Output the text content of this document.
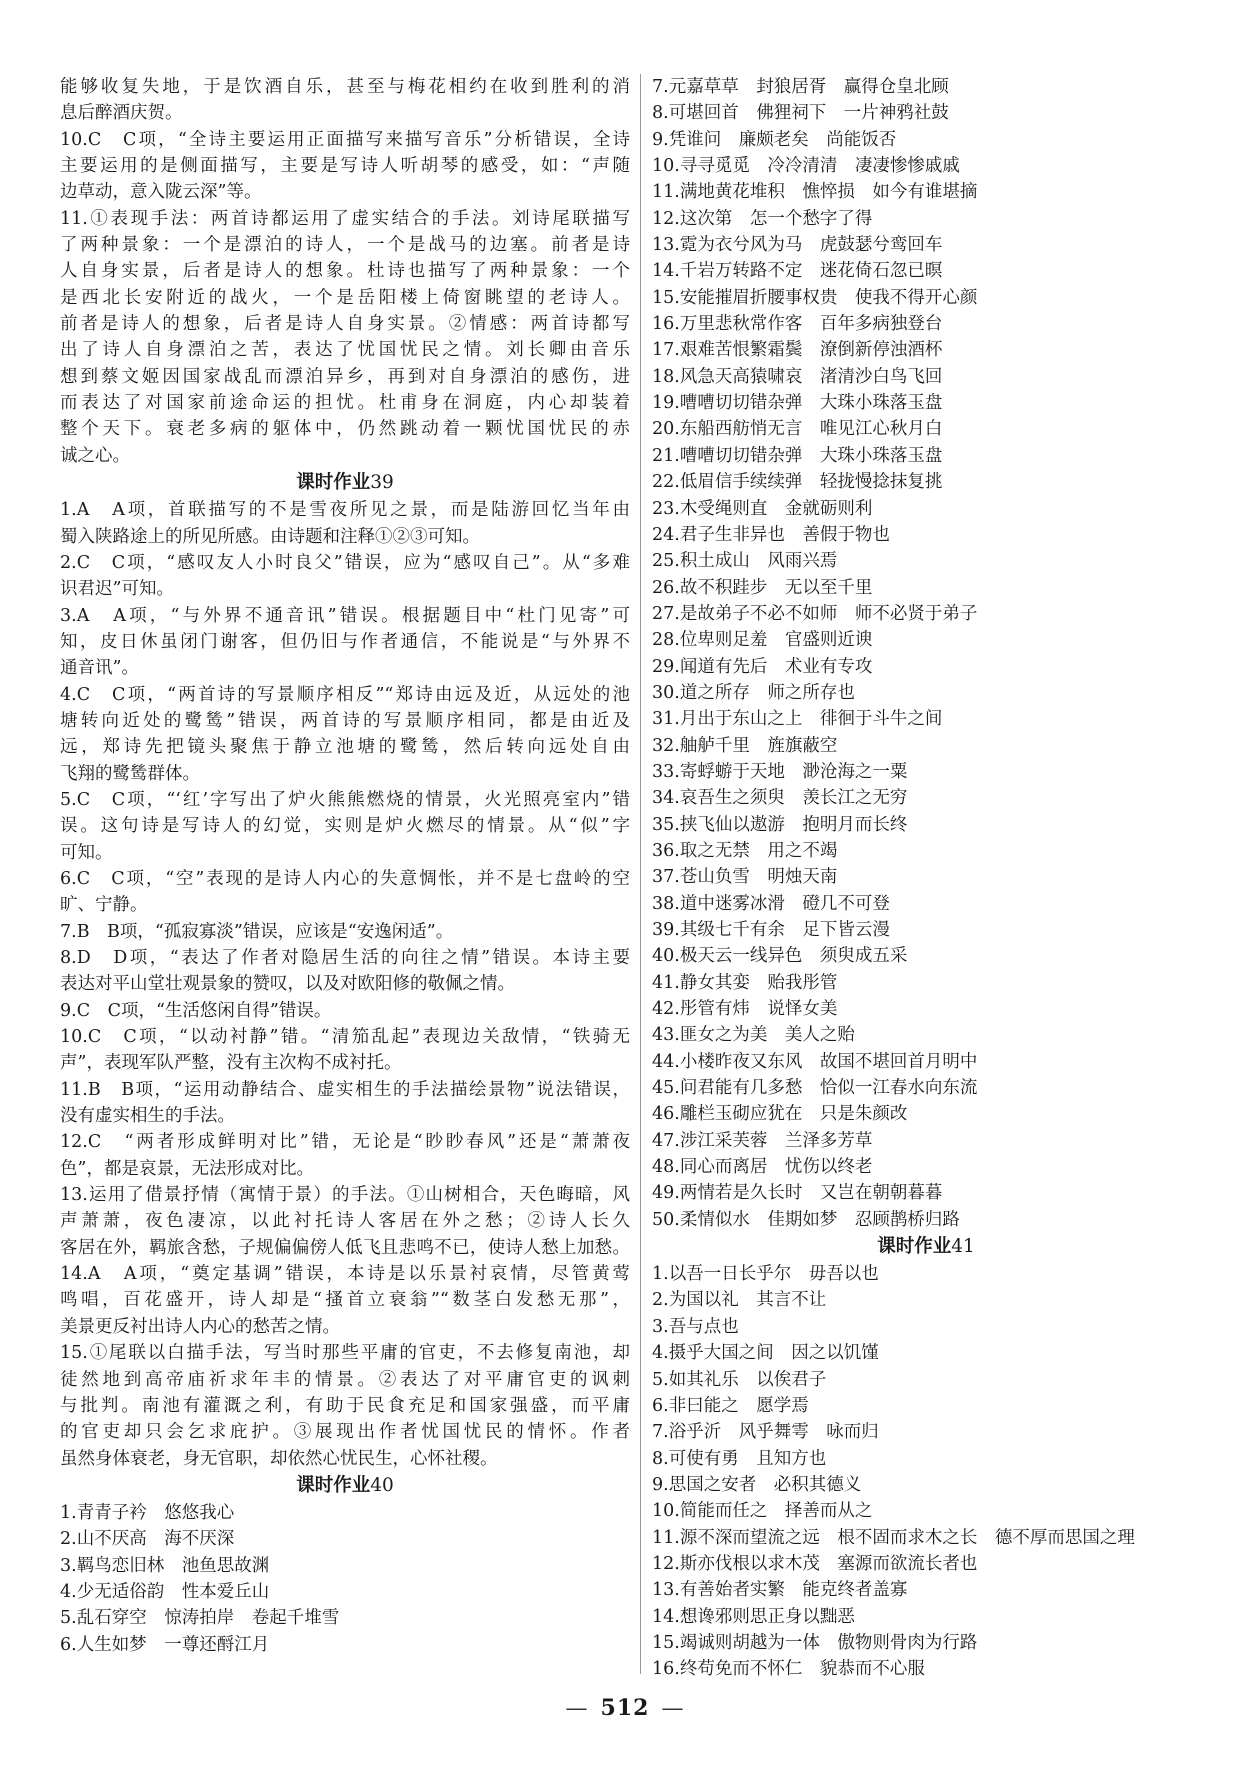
能够收复失地，于是饮酒自乐，甚至与梅花相约在收到胜利的消
息后醉酒庆贺。
10.C　C项，“全诗主要运用正面描写来描写音乐”分析错误，全诗
主要运用的是侧面描写，主要是写诗人听胡琴的感受，如：“声随
边草动，意入陇云深”等。
11.①表现手法：两首诗都运用了虚实结合的手法。刘诗尾联描写
了两种景象：一个是漂泊的诗人，一个是战马的边塞。前者是诗
人自身实景，后者是诗人的想象。杜诗也描写了两种景象：一个
是西北长安附近的战火，一个是岳阳楼上倚窗眺望的老诗人。
前者是诗人的想象，后者是诗人自身实景。②情感：两首诗都写
出了诗人自身漂泊之苦，表达了忧国忧民之情。刘长卿由音乐
想到蔡文姬因国家战乱而漂泊异乡，再到对自身漂泊的感伤，进
而表达了对国家前途命运的担忧。杜甫身在洞庭，内心却装着
整个天下。衰老多病的躯体中，仍然跳动着一颗忧国忧民的赤
诚之心。
课时作业39
1.A　A项，首联描写的不是雪夜所见之景，而是陆游回忆当年由
蜀入陕路途上的所见所感。由诗题和注释①②③可知。
2.C　C项，“感叹友人小时良父”错误，应为“感叹自己”。从“多难
识君迟”可知。
3.A　A项，“与外界不通音讯”错误。根据题目中“杜门见寄”可
知，皮日休虽闭门谢客，但仍旧与作者通信，不能说是“与外界不
通音讯”。
4.C　C项，“两首诗的写景顺序相反”“郑诗由远及近，从远处的池
塘转向近处的鹭鸶”错误，两首诗的写景顺序相同，都是由近及
远，郑诗先把镜头聚焦于静立池塘的鹭鸶，然后转向远处自由
飞翔的鹭鸶群体。
5.C　C项，“‘红’字写出了炉火熊熊燃烧的情景，火光照亮室内”错
误。这句诗是写诗人的幻觉，实则是炉火燃尽的情景。从“似”字
可知。
6.C　C项，“空”表现的是诗人内心的失意惆怅，并不是七盘岭的空
旷、宁静。
7.B　B项，“孤寂寡淡”错误，应该是“安逸闲适”。
8.D　D项，“表达了作者对隐居生活的向往之情”错误。本诗主要
表达对平山堂壮观景象的赞叹，以及对欧阳修的敬佩之情。
9.C　C项，“生活悠闲自得”错误。
10.C　C项，“以动衬静”错。“清笳乱起”表现边关敌情，“铁骑无
声”，表现军队严整，没有主次构不成衬托。
11.B　B项，“运用动静结合、虚实相生的手法描绘景物”说法错误，
没有虚实相生的手法。
12.C　“两者形成鲜明对比”错，无论是“眇眇春风”还是“萧萧夜
色”，都是哀景，无法形成对比。
13.运用了借景抒情（寓情于景）的手法。①山树相合，天色晦暗，风
声萧萧，夜色凄凉，以此衬托诗人客居在外之愁；②诗人长久
客居在外，羁旅含愁，子规偏偏傍人低飞且悲鸣不已，使诗人愁上加愁。
14.A　A项，“奠定基调”错误，本诗是以乐景衬哀情，尽管黄莺
鸣唱，百花盛开，诗人却是“搔首立衰翁”“数茎白发愁无那”，
美景更反衬出诗人内心的愁苦之情。
15.①尾联以白描手法，写当时那些平庸的官吏，不去修复南池，却
徒然地到高帝庙祈求年丰的情景。②表达了对平庸官吏的讽刺
与批判。南池有灌溉之利，有助于民食充足和国家强盛，而平庸
的官吏却只会乞求庇护。③展现出作者忧国忧民的情怀。作者
虽然身体衰老，身无官职，却依然心忧民生，心怀社稷。
课时作业40
1.青青子衿　悠悠我心
2.山不厌高　海不厌深
3.羁鸟恋旧林　池鱼思故渊
4.少无适俗韵　性本爱丘山
5.乱石穿空　惊涛拍岸　卷起千堆雪
6.人生如梦　一尊还酹江月
7.元嘉草草　封狼居胥　赢得仓皇北顾
8.可堪回首　佛狸祠下　一片神鸦社鼓
9.凭谁问　廉颇老矣　尚能饭否
10.寻寻觅觅　冷冷清清　凄凄惨惨戚戚
11.满地黄花堆积　憔悴损　如今有谁堪摘
12.这次第　怎一个愁字了得
13.霓为衣兮风为马　虎鼓瑟兮鸾回车
14.千岩万转路不定　迷花倚石忽已暝
15.安能摧眉折腰事权贵　使我不得开心颜
16.万里悲秋常作客　百年多病独登台
17.艰难苦恨繁霜鬓　潦倒新停浊酒杯
18.风急天高猿啸哀　渚清沙白鸟飞回
19.嘈嘈切切错杂弹　大珠小珠落玉盘
20.东船西舫悄无言　唯见江心秋月白
21.嘈嘈切切错杂弹　大珠小珠落玉盘
22.低眉信手续续弹　轻拢慢捻抹复挑
23.木受绳则直　金就砺则利
24.君子生非异也　善假于物也
25.积土成山　风雨兴焉
26.故不积跬步　无以至千里
27.是故弟子不必不如师　师不必贤于弟子
28.位卑则足羞　官盛则近谀
29.闻道有先后　术业有专攻
30.道之所存　师之所存也
31.月出于东山之上　徘徊于斗牛之间
32.舳舻千里　旌旗蔽空
33.寄蜉蝣于天地　渺沧海之一粟
34.哀吾生之须臾　羡长江之无穷
35.挟飞仙以遨游　抱明月而长终
36.取之无禁　用之不竭
37.苍山负雪　明烛天南
38.道中迷雾冰滑　磴几不可登
39.其级七千有余　足下皆云漫
40.极天云一线异色　须臾成五采
41.静女其娈　贻我彤管
42.彤管有炜　说怿女美
43.匪女之为美　美人之贻
44.小楼昨夜又东风　故国不堪回首月明中
45.问君能有几多愁　恰似一江春水向东流
46.雕栏玉砌应犹在　只是朱颜改
47.涉江采芙蓉　兰泽多芳草
48.同心而离居　忧伤以终老
49.两情若是久长时　又岂在朝朝暮暮
50.柔情似水　佳期如梦　忍顾鹊桥归路
课时作业41
1.以吾一日长乎尔　毋吾以也
2.为国以礼　其言不让
3.吾与点也
4.摄乎大国之间　因之以饥馑
5.如其礼乐　以俟君子
6.非曰能之　愿学焉
7.浴乎沂　风乎舞雩　咏而归
8.可使有勇　且知方也
9.思国之安者　必积其德义
10.简能而任之　择善而从之
11.源不深而望流之远　根不固而求木之长　德不厚而思国之理
12.斯亦伐根以求木茂　塞源而欲流长者也
13.有善始者实繁　能克终者盖寡
14.想谗邪则思正身以黜恶
15.竭诚则胡越为一体　傲物则骨肉为行路
16.终苟免而不怀仁　貌恭而不心服
— 512 —
